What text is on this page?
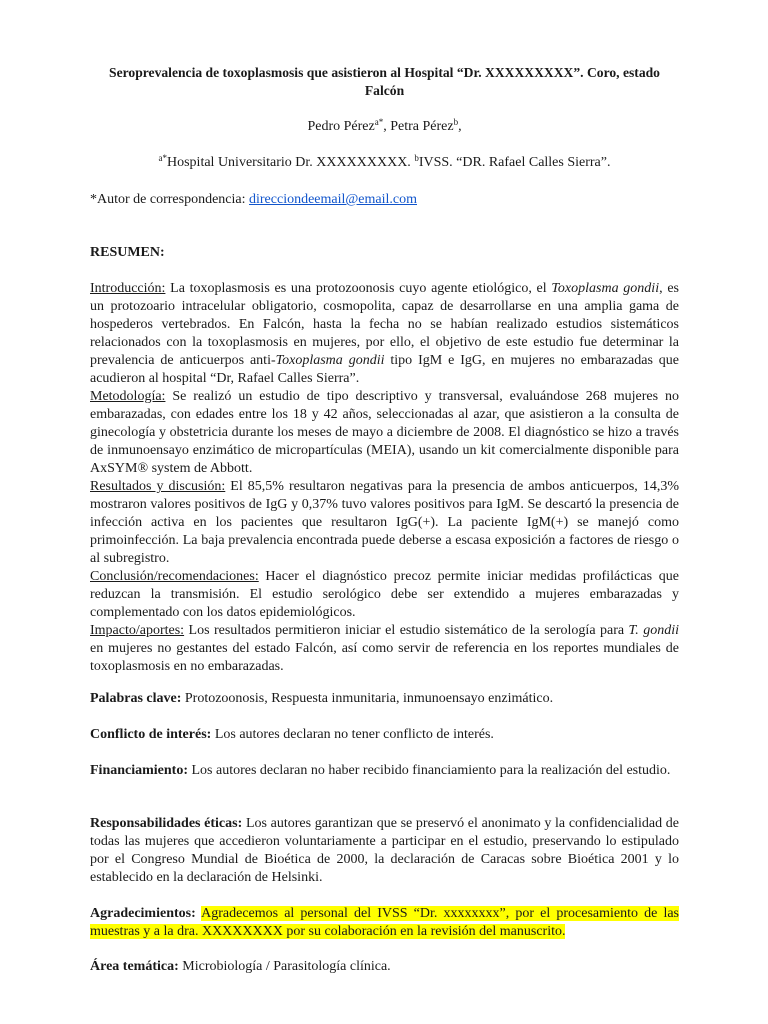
Seroprevalencia de toxoplasmosis que asistieron al Hospital “Dr. XXXXXXXXX”. Coro, estado Falcón
Pedro Pérez$^{a*}$, Petra Pérez$^b$,
$^{a*}$Hospital Universitario Dr. XXXXXXXXX. $^b$IVSS. “DR. Rafael Calles Sierra”.
*Autor de correspondencia: direcciondeemail@email.com
RESUMEN:

Introducción: La toxoplasmosis es una protozoonosis cuyo agente etiológico, el Toxoplasma gondii, es un protozoario intracelular obligatorio, cosmopolita, capaz de desarrollarse en una amplia gama de hospederos vertebrados. En Falcón, hasta la fecha no se habían realizado estudios sistemáticos relacionados con la toxoplasmosis en mujeres, por ello, el objetivo de este estudio fue determinar la prevalencia de anticuerpos anti-Toxoplasma gondii tipo IgM e IgG, en mujeres no embarazadas que acudieron al hospital “Dr, Rafael Calles Sierra”.

Metodología: Se realizó un estudio de tipo descriptivo y transversal, evaluándose 268 mujeres no embarazadas, con edades entre los 18 y 42 años, seleccionadas al azar, que asistieron a la consulta de ginecología y obstetricia durante los meses de mayo a diciembre de 2008. El diagnóstico se hizo a través de inmunoensayo enzimático de micropartículas (MEIA), usando un kit comercialmente disponible para AxSYM® system de Abbott.

Resultados y discusión: El 85,5% resultaron negativas para la presencia de ambos anticuerpos, 14,3% mostraron valores positivos de IgG y 0,37% tuvo valores positivos para IgM. Se descartó la presencia de infección activa en los pacientes que resultaron IgG(+). La paciente IgM(+) se manejó como primoinfección. La baja prevalencia encontrada puede deberse a escasa exposición a factores de riesgo o al subregistro.

Conclusión/recomendaciones: Hacer el diagnóstico precoz permite iniciar medidas profilácticas que reduzcan la transmisión. El estudio serológico debe ser extendido a mujeres embarazadas y complementado con los datos epidemiológicos.

Impacto/aportes: Los resultados permitieron iniciar el estudio sistemático de la serología para T. gondii en mujeres no gestantes del estado Falcón, así como servir de referencia en los reportes mundiales de toxoplasmosis en no embarazadas.

Palabras clave: Protozoonosis, Respuesta inmunitaria, inmunoensayo enzimático.
Conflicto de interés: Los autores declaran no tener conflicto de interés.
Financiamiento: Los autores declaran no haber recibido financiamiento para la realización del estudio.
Responsabilidades éticas: Los autores garantizan que se preservó el anonimato y la confidencialidad de todas las mujeres que accedieron voluntariamente a participar en el estudio, preservando lo estipulado por el Congreso Mundial de Bioética de 2000, la declaración de Caracas sobre Bioética 2001 y lo establecido en la declaración de Helsinki.
Agradecimientos: Agradecemos al personal del IVSS “Dr. xxxxxxxx”, por el procesamiento de las muestras y a la dra. XXXXXXXX por su colaboración en la revisión del manuscrito.
Área temática: Microbiología / Parasitología clínica.
